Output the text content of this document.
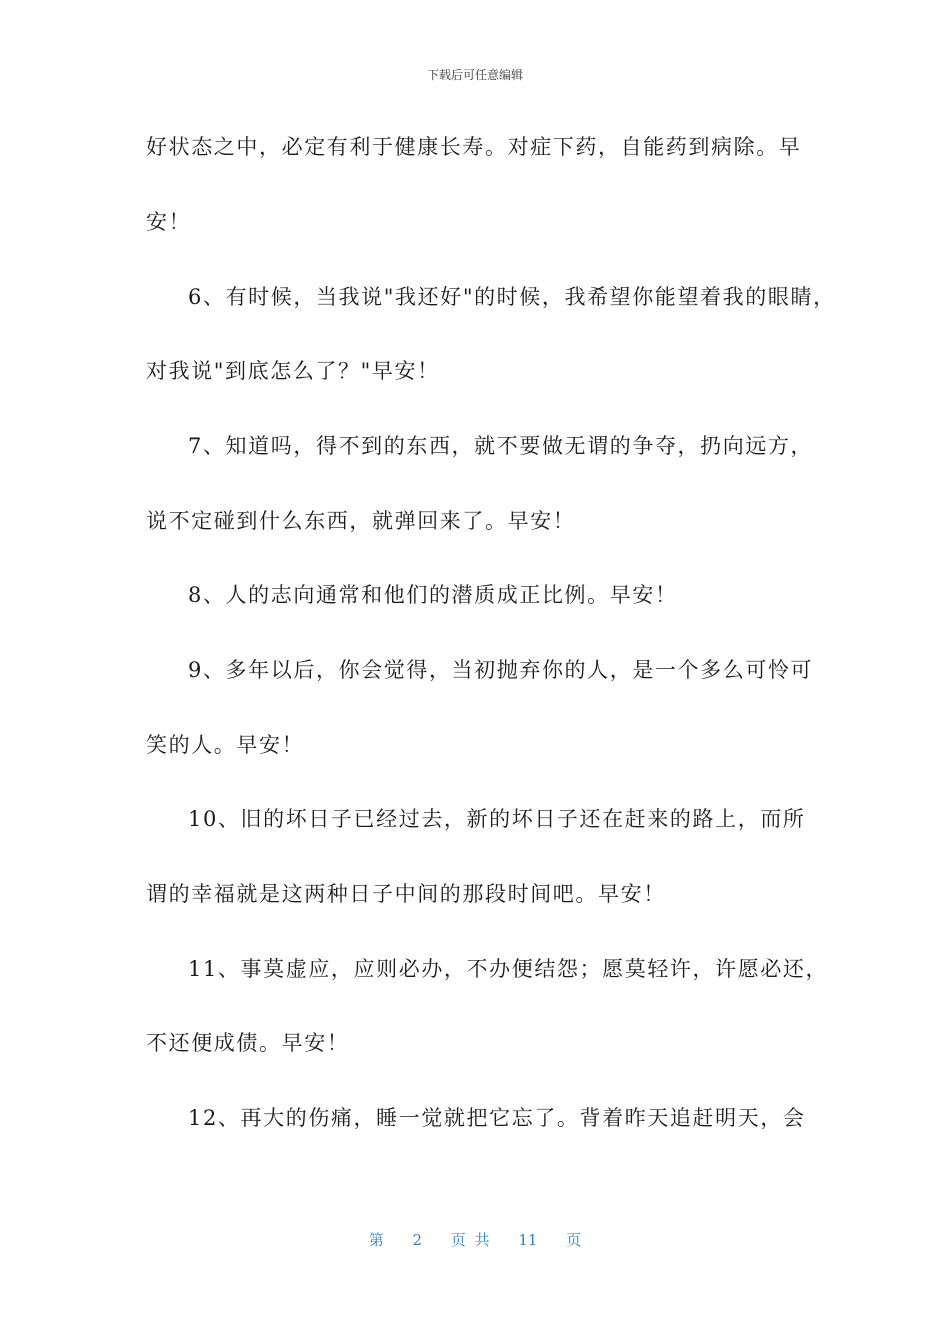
下载后可任意编辑
好状态之中，必定有利于健康长寿。对症下药，自能药到病除。早
安！
6、有时候，当我说"我还好"的时候，我希望你能望着我的眼睛，
对我说"到底怎么了？"早安！
7、知道吗，得不到的东西，就不要做无谓的争夺，扔向远方，
说不定碰到什么东西，就弹回来了。早安！
8、人的志向通常和他们的潜质成正比例。早安！
9、多年以后，你会觉得，当初抛弃你的人，是一个多么可怜可
笑的人。早安！
10、旧的坏日子已经过去，新的坏日子还在赶来的路上，而所
谓的幸福就是这两种日子中间的那段时间吧。早安！
11、事莫虚应，应则必办，不办便结怨；愿莫轻许，许愿必还，
不还便成债。早安！
12、再大的伤痛，睡一觉就把它忘了。背着昨天追赶明天，会
第 2 页 共 11 页
